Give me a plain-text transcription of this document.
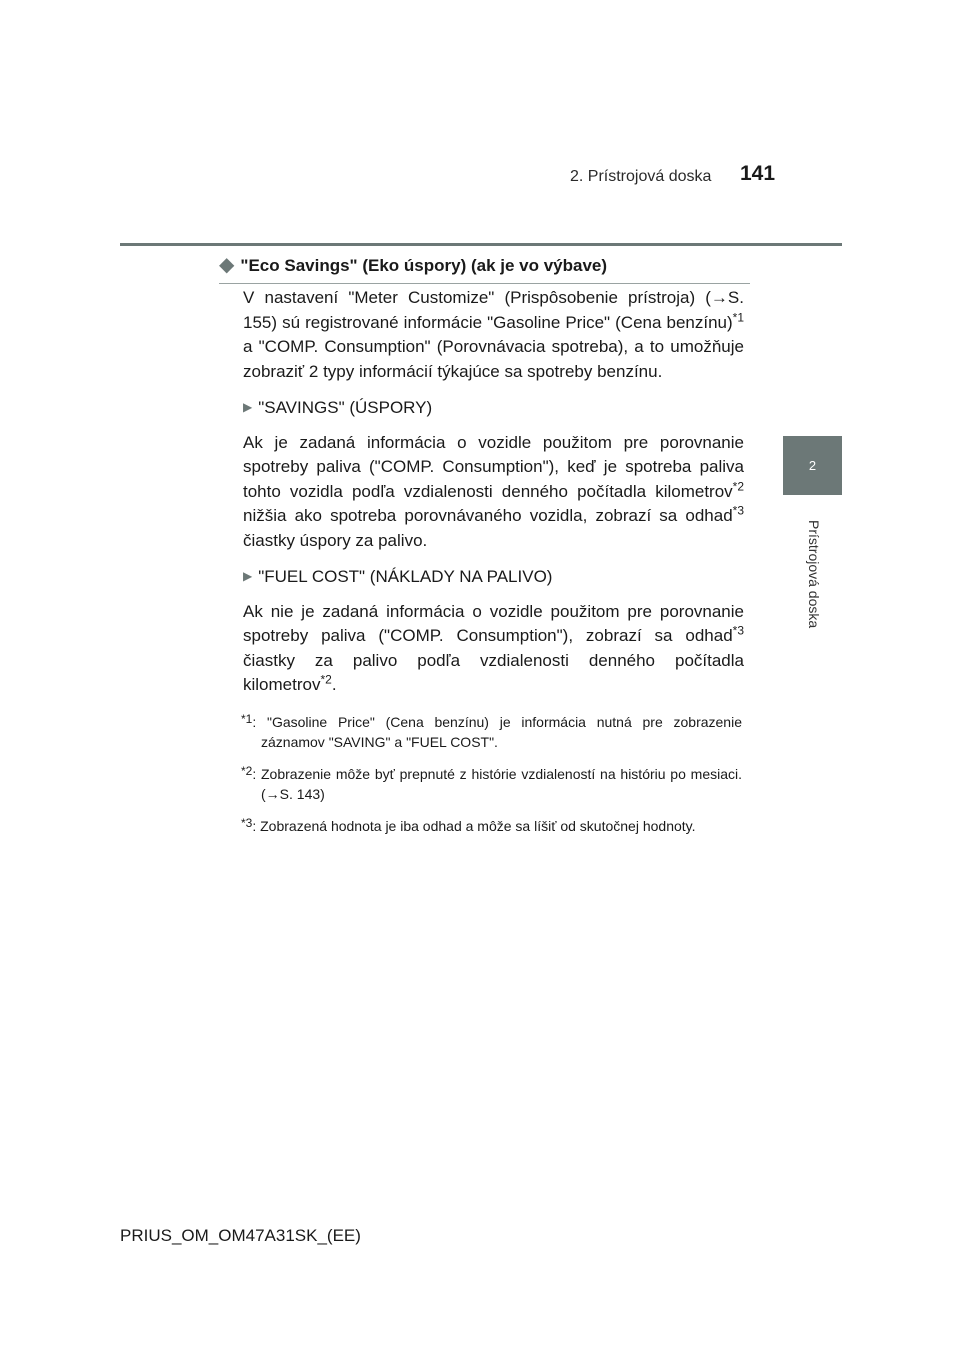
2. Prístrojová doska 141
2
Prístrojová doska
◆ "Eco Savings" (Eko úspory) (ak je vo výbave)

V nastavení "Meter Customize" (Prispôsobenie prístroja) (→S. 155) sú registrované informácie "Gasoline Price" (Cena benzínu)$^{*1}$ a "COMP. Consumption" (Porovnávacia spotreba), a to umožňuje zobraziť 2 typy informácií týkajúce sa spotreby benzínu.

▶ "SAVINGS" (ÚSPORY)

Ak je zadaná informácia o vozidle použitom pre porovnanie spotreby paliva ("COMP. Consumption"), keď je spotreba paliva tohto vozidla podľa vzdialenosti denného počítadla kilometrov$^{*2}$ nižšia ako spotreba porovnávaného vozidla, zobrazí sa odhad$^{*3}$ čiastky úspory za palivo.

▶ "FUEL COST" (NÁKLADY NA PALIVO)

Ak nie je zadaná informácia o vozidle použitom pre porovnanie spotreby paliva ("COMP. Consumption"), zobrazí sa odhad$^{*3}$ čiastky za palivo podľa vzdialenosti denného počítadla kilometrov$^{*2}$.

*1: "Gasoline Price" (Cena benzínu) je informácia nutná pre zobrazenie záznamov "SAVING" a "FUEL COST".
*2: Zobrazenie môže byť prepnuté z histórie vzdialeností na históriu po mesiaci. (→S. 143)
*3: Zobrazená hodnota je iba odhad a môže sa líšiť od skutočnej hodnoty.
PRIUS_OM_OM47A31SK_(EE)
